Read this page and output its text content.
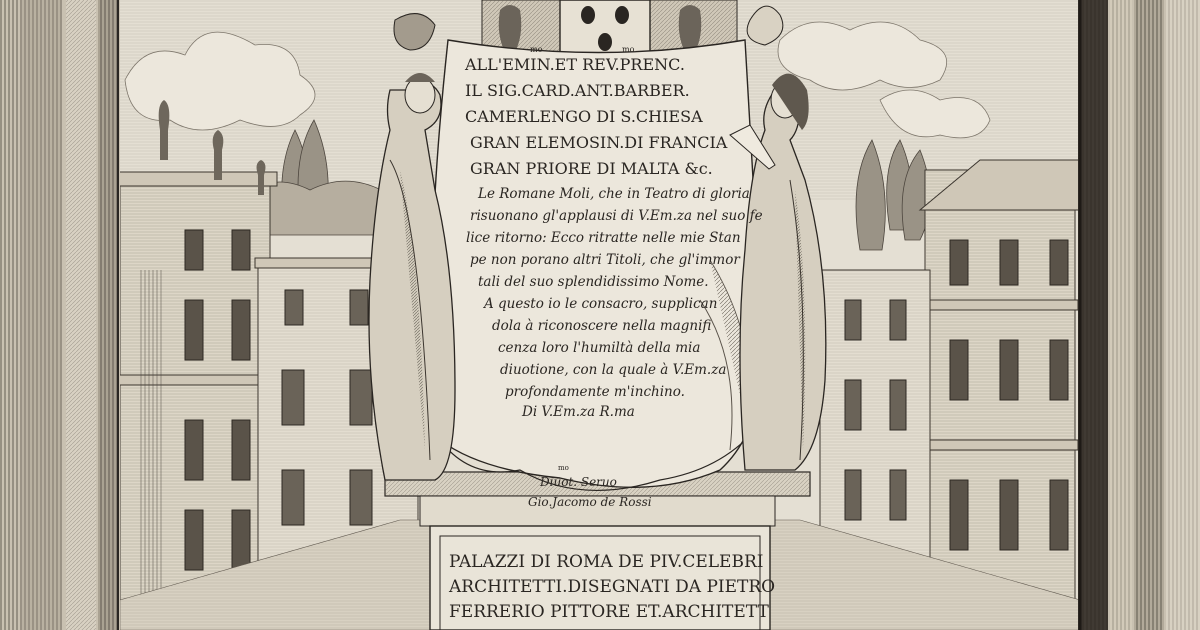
ALL'EMIN.ET REV.PRENC.
IL SIG.CARD.ANT.BARBER.
CAMERLENGO DI S.CHIESA
GRAN ELEMOSIN.DI FRANCIA
GRAN PRIORE DI MALTA &c.
mo	mo
Le Romane Moli, che in Teatro di gloria
risuonano gl'applausi di V.Em.za nel suo fe
lice ritorno: Ecco ritratte nelle mie Stan
pe non porano altri Titoli, che gl'immor
tali del suo splendidissimo Nome.
A questo io le consacro, supplican
dola à riconoscere nella magnifi
cenza loro l'humiltà della mia
diuotione, con la quale à V.Em.za
profondamente m'inchino.
Di V.Em.za R.ma
mo
Diuot. Seruo
Gio.Jacomo de Rossi
PALAZZI DI ROMA DE PIV.CELEBRI
ARCHITETTI.DISEGNATI DA PIETRO
FERRERIO PITTORE ET.ARCHITETT
